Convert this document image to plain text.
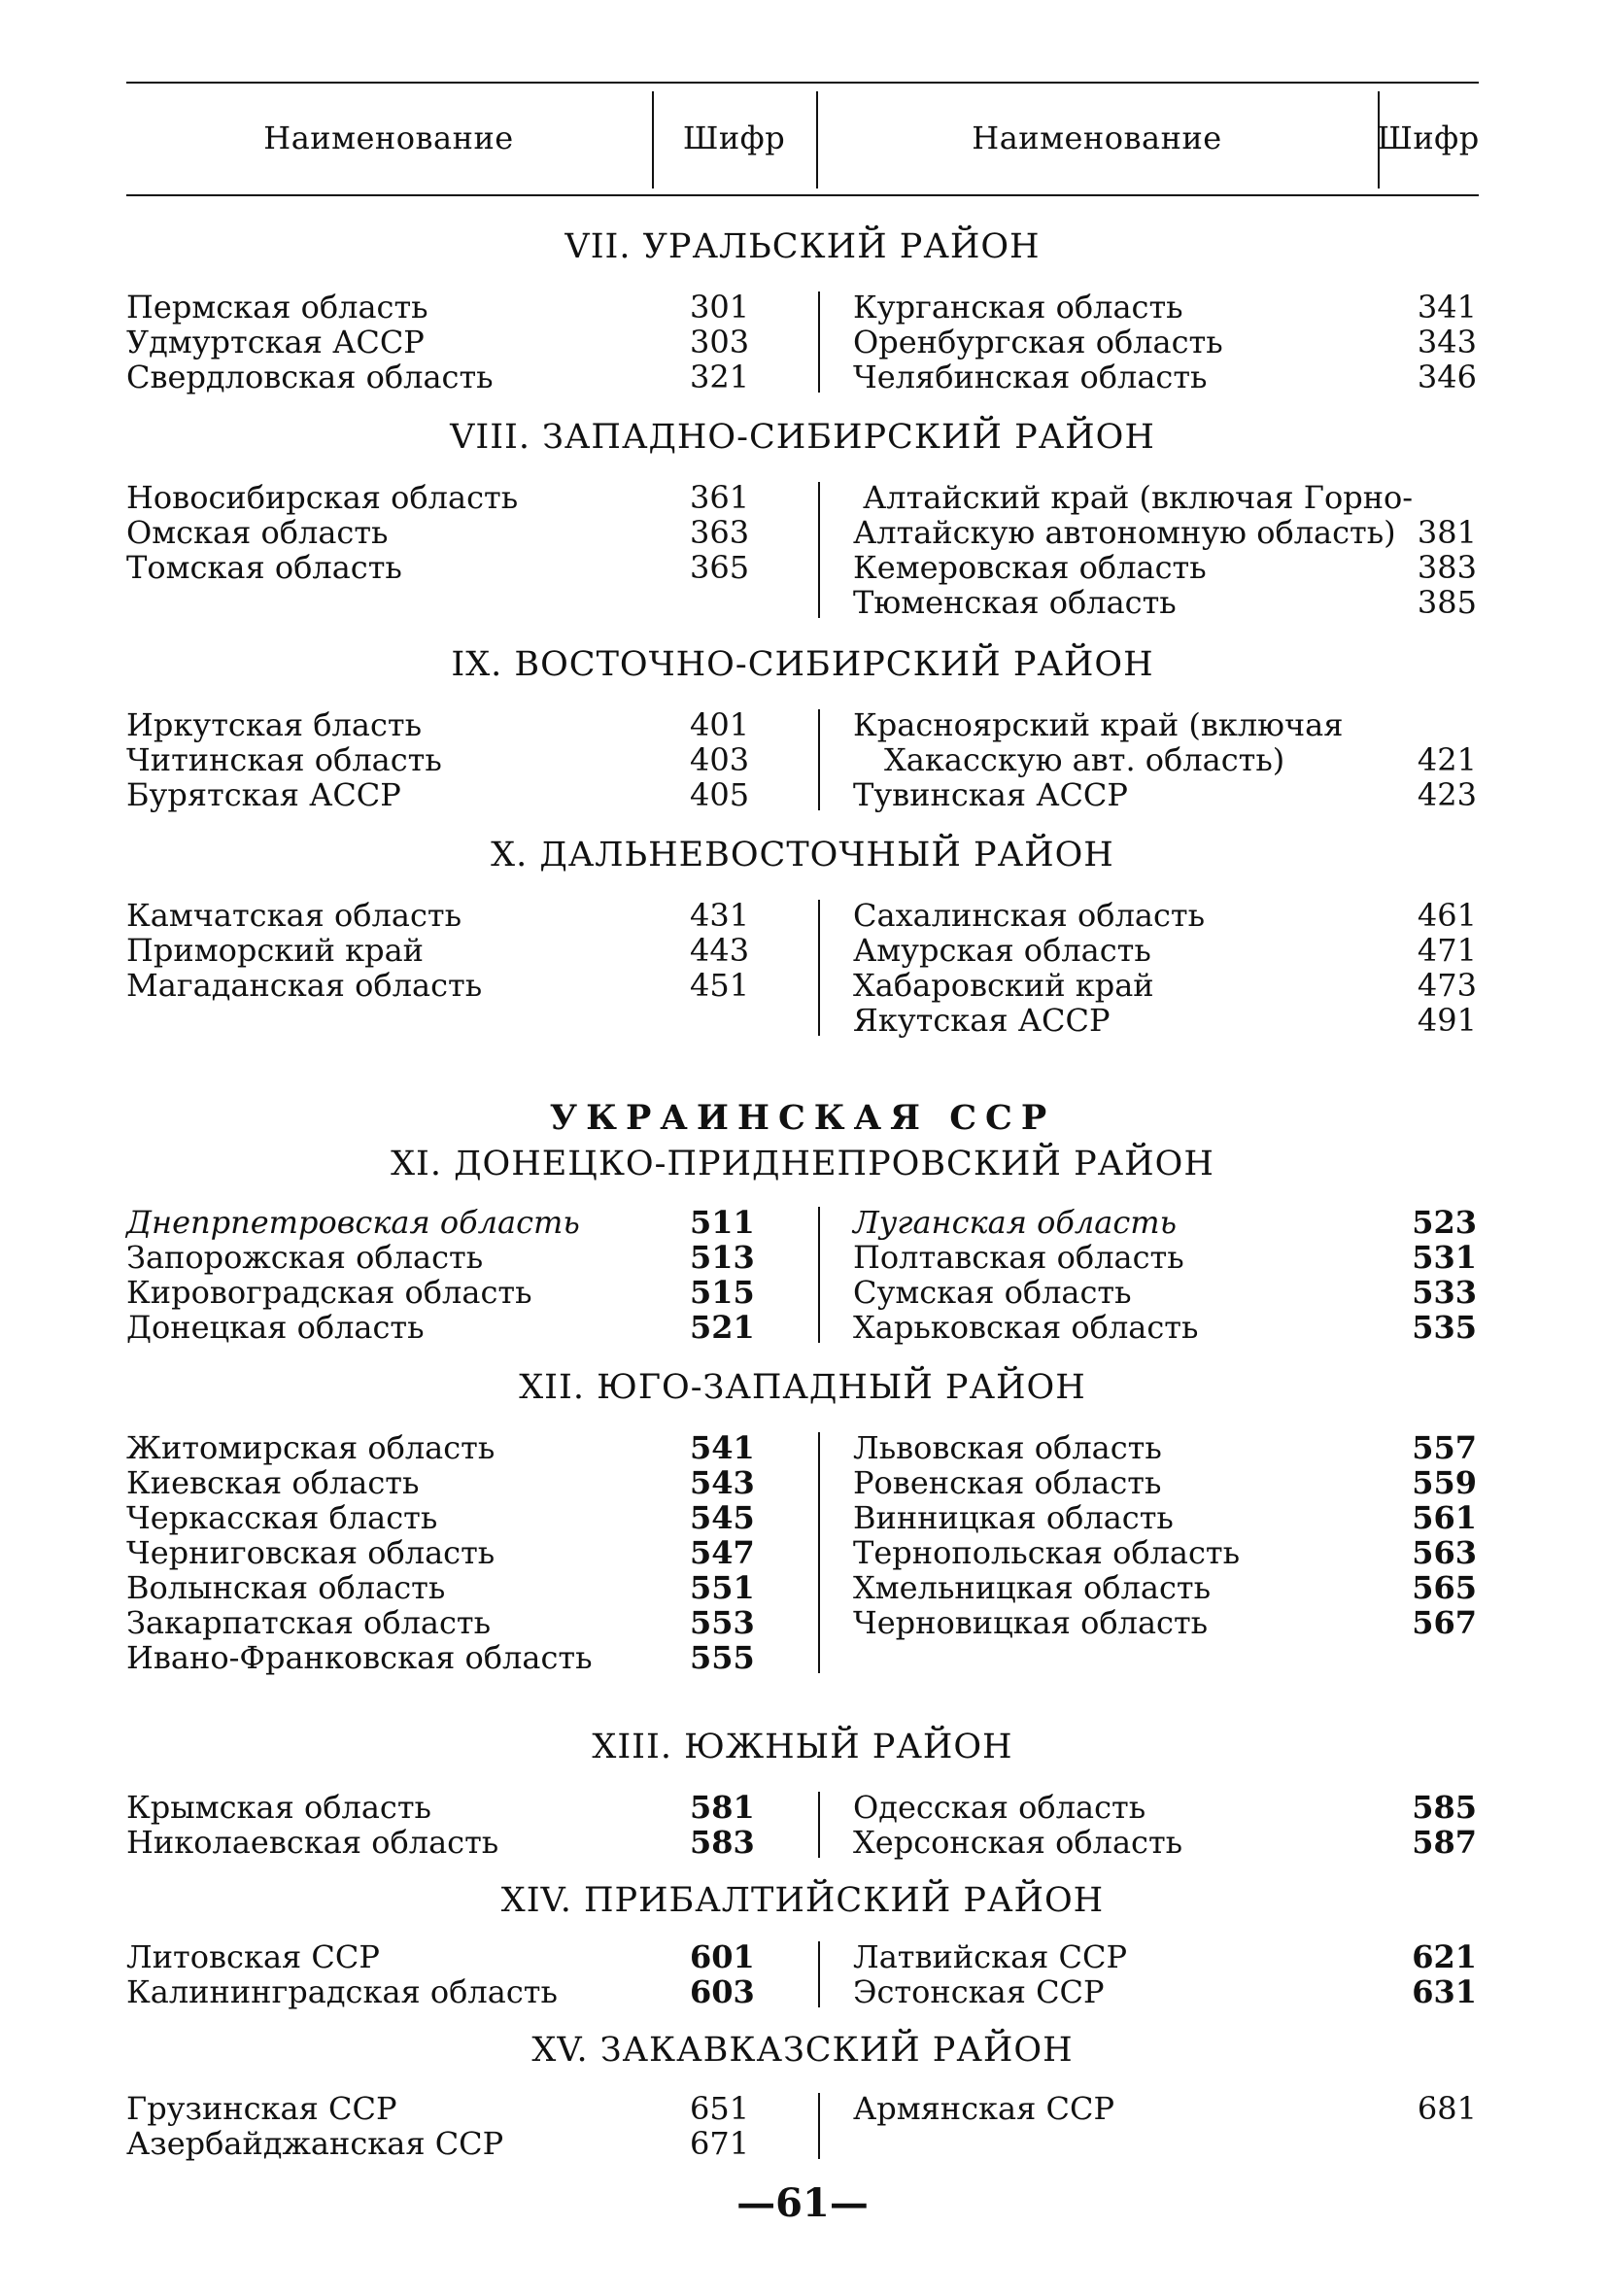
Наименование	Шифр	Наименование	Шифр
VII. УРАЛЬСКИЙ РАЙОН
Пермская область	301
Удмуртская АССР	303
Свердловская область	321
Курганская область	341
Оренбургская область	343
Челябинская область	346
VIII. ЗАПАДНО-СИБИРСКИЙ РАЙОН
Новосибирская область	361
Омская область	363
Томская область	365
Алтайский край (включая Горно-
Алтайскую автономную область) 381
Кемеровская область	383
Тюменская область	385
IX. ВОСТОЧНО-СИБИРСКИЙ РАЙОН
Иркутская бласть	401
Читинская область	403
Бурятская АССР	405
Красноярский край (включая
Хакасскую авт. область)	421
Тувинская АССР	423
X. ДАЛЬНЕВОСТОЧНЫЙ РАЙОН
Камчатская область	431
Приморский край	443
Магаданская область	451
Сахалинская область	461
Амурская область	471
Хабаровский край	473
Якутская АССР	491
УКРАИНСКАЯ ССР
XI. ДОНЕЦКО-ПРИДНЕПРОВСКИЙ РАЙОН
Днепрпетровская область	511
Запорожская область	513
Кировоградская область	515
Донецкая область	521
Луганская область	523
Полтавская область	531
Сумская область	533
Харьковская область	535
XII. ЮГО-ЗАПАДНЫЙ РАЙОН
Житомирская область	541
Киевская область	543
Черкасская бласть	545
Черниговская область	547
Волынская область	551
Закарпатская область	553
Ивано-Франковская область	555
Львовская область	557
Ровенская область	559
Винницкая область	561
Тернопольская область	563
Хмельницкая область	565
Черновицкая область	567
XIII. ЮЖНЫЙ РАЙОН
Крымская область	581
Николаевская область	583
Одесская область	585
Херсонская область	587
XIV. ПРИБАЛТИЙСКИЙ РАЙОН
Литовская ССР	601
Калининградская область	603
Латвийская ССР	621
Эстонская ССР	631
XV. ЗАКАВКАЗСКИЙ РАЙОН
Грузинская ССР	651
Азербайджанская ССР	671
Армянская ССР	681
—61—
